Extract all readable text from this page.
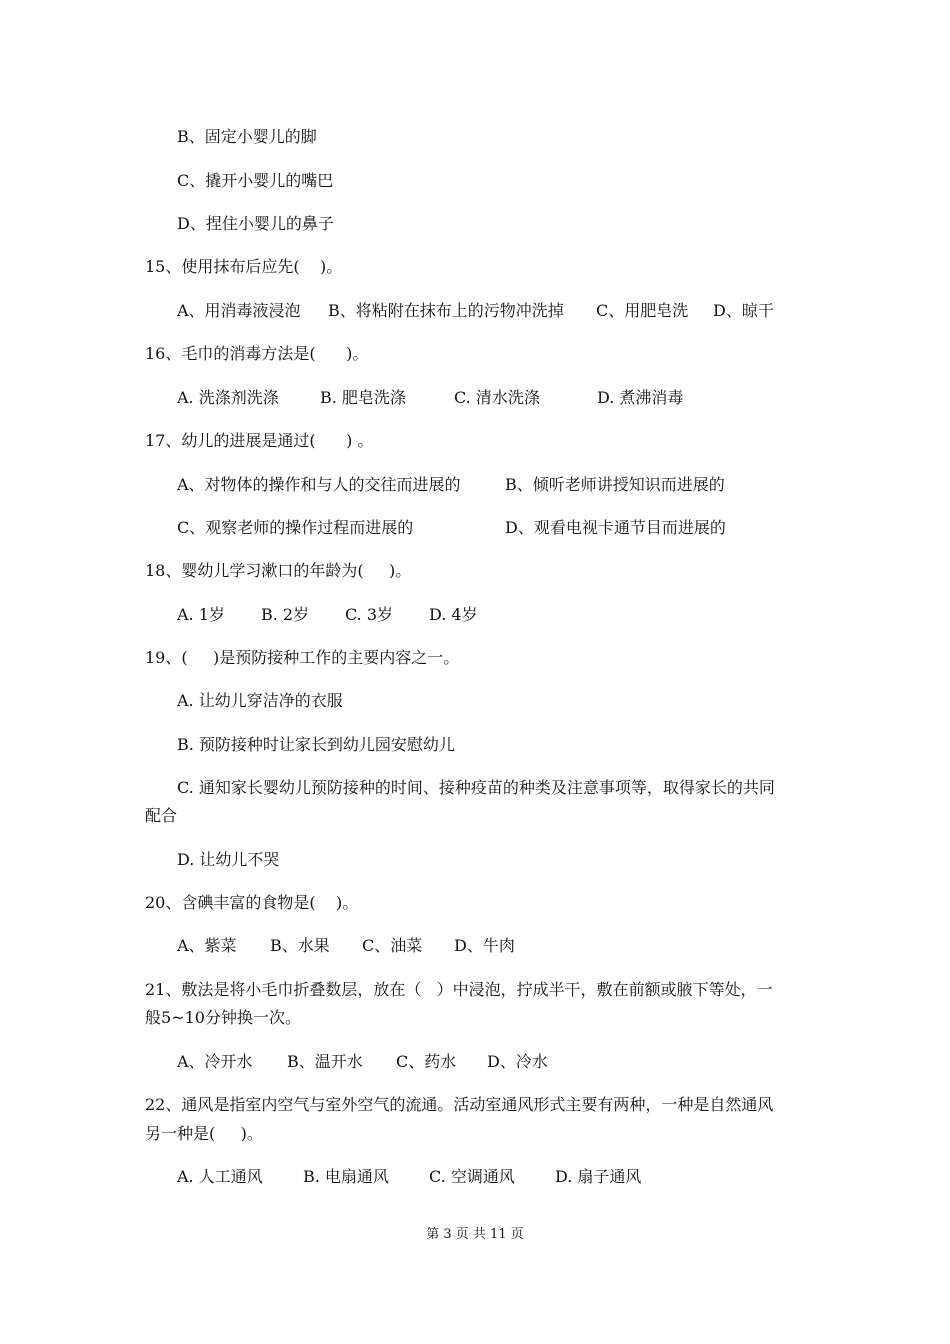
B、固定小婴儿的脚
C、撬开小婴儿的嘴巴
D、捏住小婴儿的鼻子
15、使用抹布后应先(    )。
A、用消毒液浸泡 B、将粘附在抹布上的污物冲洗掉 C、用肥皂洗 D、晾干
16、毛巾的消毒方法是(      )。
A. 洗涤剂洗涤	B. 肥皂洗涤	C. 清水洗涤	D. 煮沸消毒
17、幼儿的进展是通过(      ) 。
A、对物体的操作和与人的交往而进展的	B、倾听老师讲授知识而进展的
C、观察老师的操作过程而进展的	D、观看电视卡通节目而进展的
18、婴幼儿学习漱口的年龄为(     )。
A. 1岁 B. 2岁 C. 3岁 D. 4岁
19、(     )是预防接种工作的主要内容之一。
A. 让幼儿穿洁净的衣服
B. 预防接种时让家长到幼儿园安慰幼儿
C. 通知家长婴幼儿预防接种的时间、接种疫苗的种类及注意事项等，取得家长的共同
配合
D. 让幼儿不哭
20、含碘丰富的食物是(    )。
A、紫菜 B、水果 C、油菜 D、牛肉
21、敷法是将小毛巾折叠数层，放在（   ）中浸泡，拧成半干，敷在前额或腋下等处，一
般5~10分钟换一次。
A、冷开水 B、温开水 C、药水 D、冷水
22、通风是指室内空气与室外空气的流通。活动室通风形式主要有两种，一种是自然通风
另一种是(     )。
A. 人工通风	B. 电扇通风	C. 空调通风	D. 扇子通风
第 3 页 共 11 页
